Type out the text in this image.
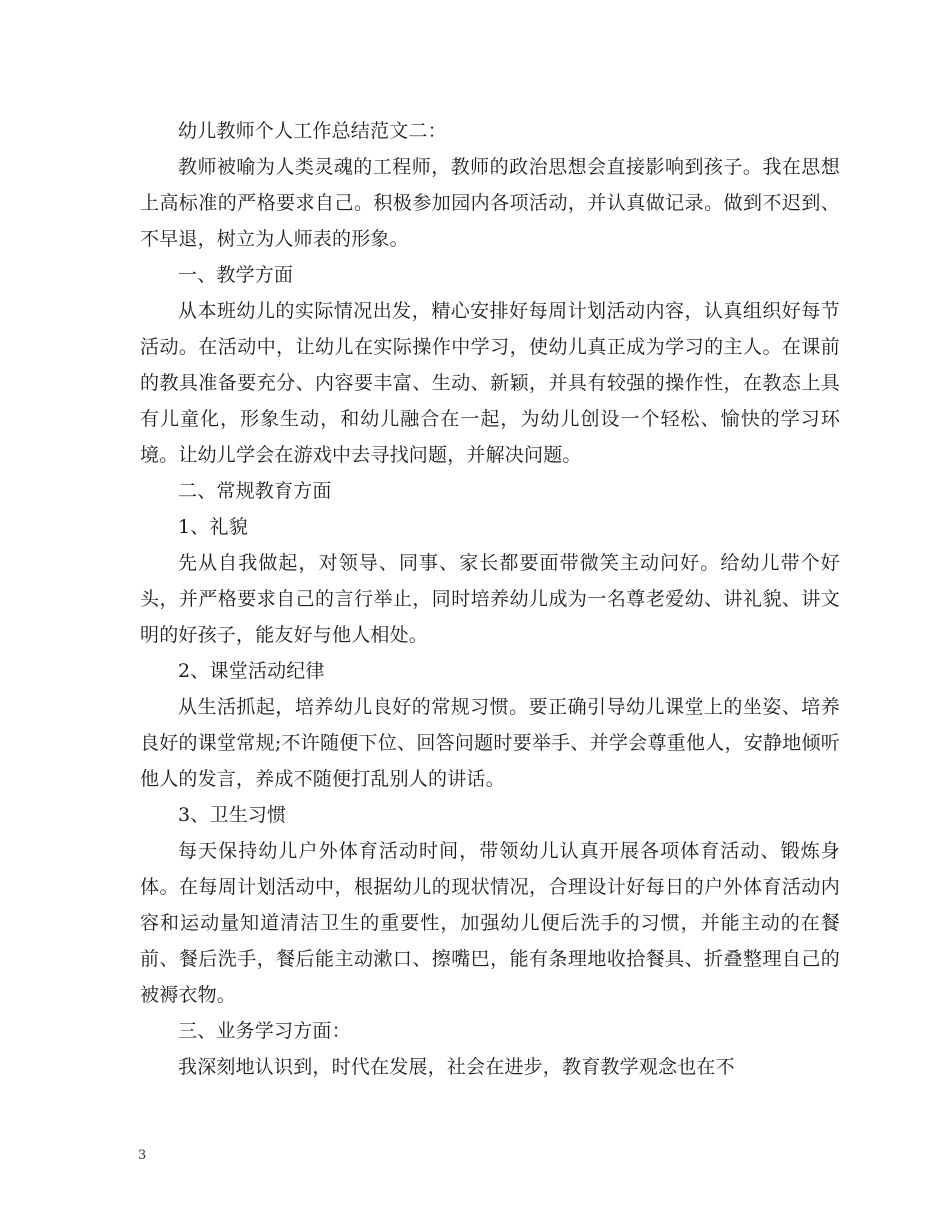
幼儿教师个人工作总结范文二：

教师被喻为人类灵魂的工程师，教师的政治思想会直接影响到孩子。我在思想上高标准的严格要求自己。积极参加园内各项活动，并认真做记录。做到不迟到、不早退，树立为人师表的形象。

一、教学方面

从本班幼儿的实际情况出发，精心安排好每周计划活动内容，认真组织好每节活动。在活动中，让幼儿在实际操作中学习，使幼儿真正成为学习的主人。在课前的教具准备要充分、内容要丰富、生动、新颖，并具有较强的操作性，在教态上具有儿童化，形象生动，和幼儿融合在一起，为幼儿创设一个轻松、愉快的学习环境。让幼儿学会在游戏中去寻找问题，并解决问题。

二、常规教育方面

1、礼貌

先从自我做起，对领导、同事、家长都要面带微笑主动问好。给幼儿带个好头，并严格要求自己的言行举止，同时培养幼儿成为一名尊老爱幼、讲礼貌、讲文明的好孩子，能友好与他人相处。

2、课堂活动纪律

从生活抓起，培养幼儿良好的常规习惯。要正确引导幼儿课堂上的坐姿、培养良好的课堂常规;不许随便下位、回答问题时要举手、并学会尊重他人，安静地倾听他人的发言，养成不随便打乱别人的讲话。

3、卫生习惯

每天保持幼儿户外体育活动时间，带领幼儿认真开展各项体育活动、锻炼身体。在每周计划活动中，根据幼儿的现状情况，合理设计好每日的户外体育活动内容和运动量知道清洁卫生的重要性，加强幼儿便后洗手的习惯，并能主动的在餐前、餐后洗手，餐后能主动漱口、擦嘴巴，能有条理地收拾餐具、折叠整理自己的被褥衣物。

三、业务学习方面：

我深刻地认识到，时代在发展，社会在进步，教育教学观念也在不

3
